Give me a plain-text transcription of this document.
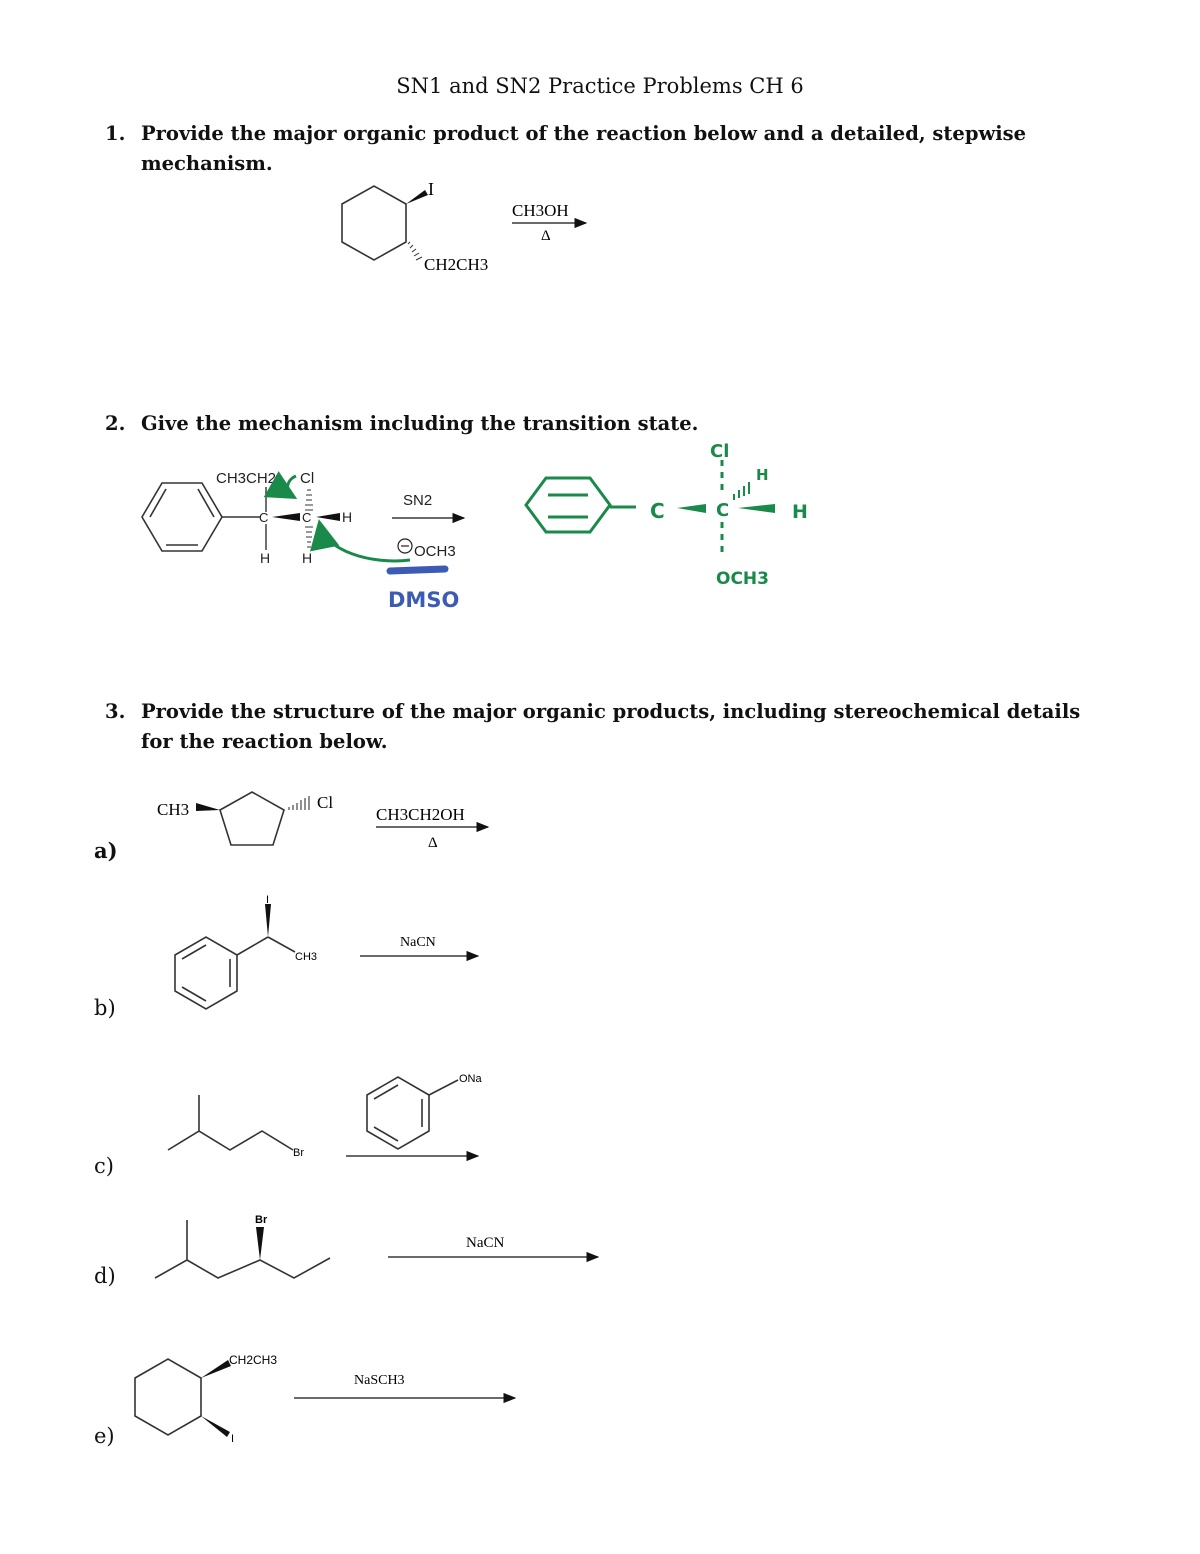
SN1 and SN2 Practice Problems CH 6
1. Provide the major organic product of the reaction below and a detailed, stepwise mechanism.
2. Give the mechanism including the transition state.
3. Provide the structure of the major organic products, including stereochemical details for the reaction below.
a)
b)
c)
d)
e)
I
CH2CH3
CH3OH
Δ
CH3CH2
C
H
C
Cl
H
H
SN2
OCH3
DMSO
C	C
Cl
OCH3
H
H
CH3	Cl
CH3CH2OH
Δ
I
CH3
NaCN
Br
ONa
Br
NaCN
CH2CH3
I
NaSCH3
